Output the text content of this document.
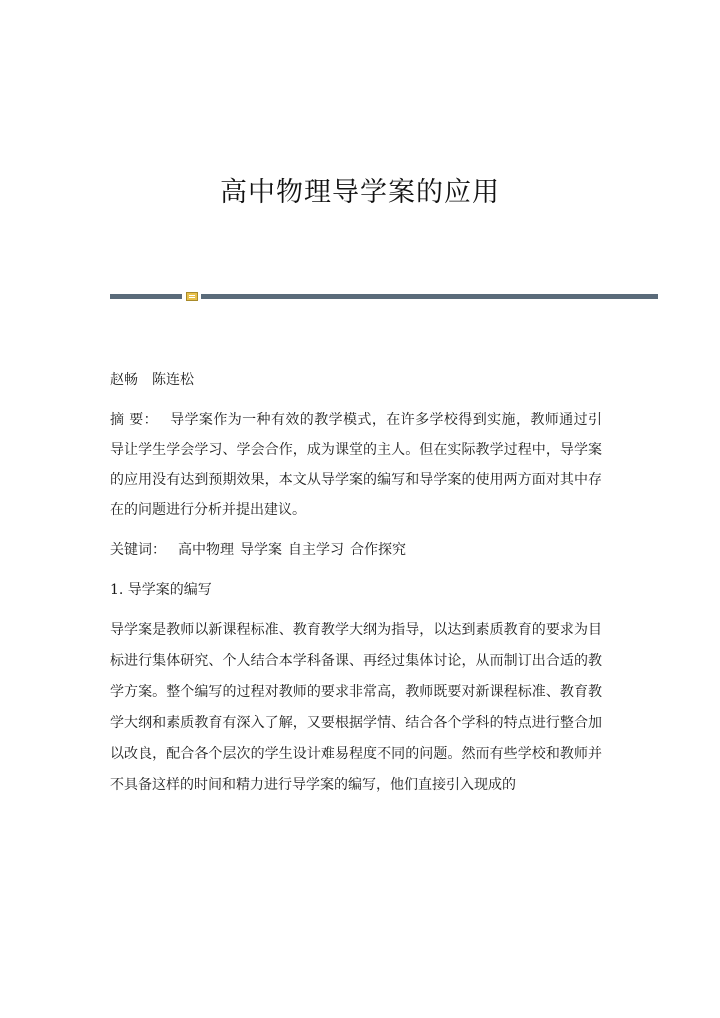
高中物理导学案的应用

赵畅 陈连松

摘 要： 导学案作为一种有效的教学模式，在许多学校得到实施，教师通过引导让学生学会学习、学会合作，成为课堂的主人。但在实际教学过程中，导学案的应用没有达到预期效果，本文从导学案的编写和导学案的使用两方面对其中存在的问题进行分析并提出建议。

关键词： 高中物理 导学案 自主学习 合作探究

1. 导学案的编写

导学案是教师以新课程标准、教育教学大纲为指导，以达到素质教育的要求为目标进行集体研究、个人结合本学科备课、再经过集体讨论，从而制订出合适的教学方案。整个编写的过程对教师的要求非常高，教师既要对新课程标准、教育教学大纲和素质教育有深入了解，又要根据学情、结合各个学科的特点进行整合加以改良，配合各个层次的学生设计难易程度不同的问题。然而有些学校和教师并不具备这样的时间和精力进行导学案的编写，他们直接引入现成的
